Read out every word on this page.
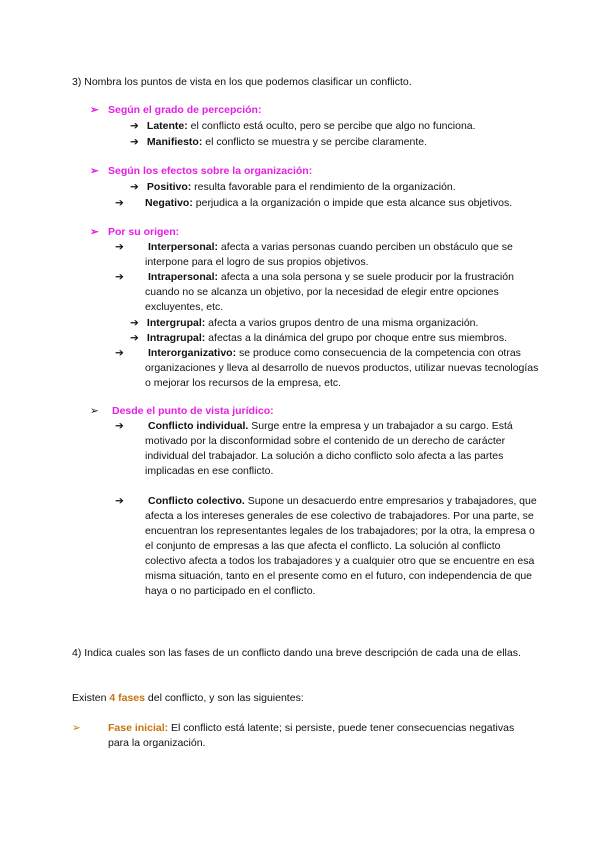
3) Nombra los puntos de vista en los que podemos clasificar un conflicto.
➢ Según el grado de percepción:
➔ Latente: el conflicto está oculto, pero se percibe que algo no funciona.
➔ Manifiesto: el conflicto se muestra y se percibe claramente.
➢ Según los efectos sobre la organización:
➔ Positivo: resulta favorable para el rendimiento de la organización.
➔ Negativo: perjudica a la organización o impide que esta alcance sus objetivos.
➢ Por su origen:
➔ Interpersonal: afecta a varias personas cuando perciben un obstáculo que se interpone para el logro de sus propios objetivos.
➔ Intrapersonal: afecta a una sola persona y se suele producir por la frustración cuando no se alcanza un objetivo, por la necesidad de elegir entre opciones excluyentes, etc.
➔ Intergrupal: afecta a varios grupos dentro de una misma organización.
➔ Intragrupal: afectas a la dinámica del grupo por choque entre sus miembros.
➔ Interorganizativo: se produce como consecuencia de la competencia con otras organizaciones y lleva al desarrollo de nuevos productos, utilizar nuevas tecnologías o mejorar los recursos de la empresa, etc.
➢ Desde el punto de vista jurídico:
➔ Conflicto individual. Surge entre la empresa y un trabajador a su cargo. Está motivado por la disconformidad sobre el contenido de un derecho de carácter individual del trabajador. La solución a dicho conflicto solo afecta a las partes implicadas en ese conflicto.
➔ Conflicto colectivo. Supone un desacuerdo entre empresarios y trabajadores, que afecta a los intereses generales de ese colectivo de trabajadores. Por una parte, se encuentran los representantes legales de los trabajadores; por la otra, la empresa o el conjunto de empresas a las que afecta el conflicto. La solución al conflicto colectivo afecta a todos los trabajadores y a cualquier otro que se encuentre en esa misma situación, tanto en el presente como en el futuro, con independencia de que haya o no participado en el conflicto.
4) Indica cuales son las fases de un conflicto dando una breve descripción de cada una de ellas.
Existen 4 fases del conflicto, y son las siguientes:
➢	Fase inicial: El conflicto está latente; si persiste, puede tener consecuencias negativas para la organización.
